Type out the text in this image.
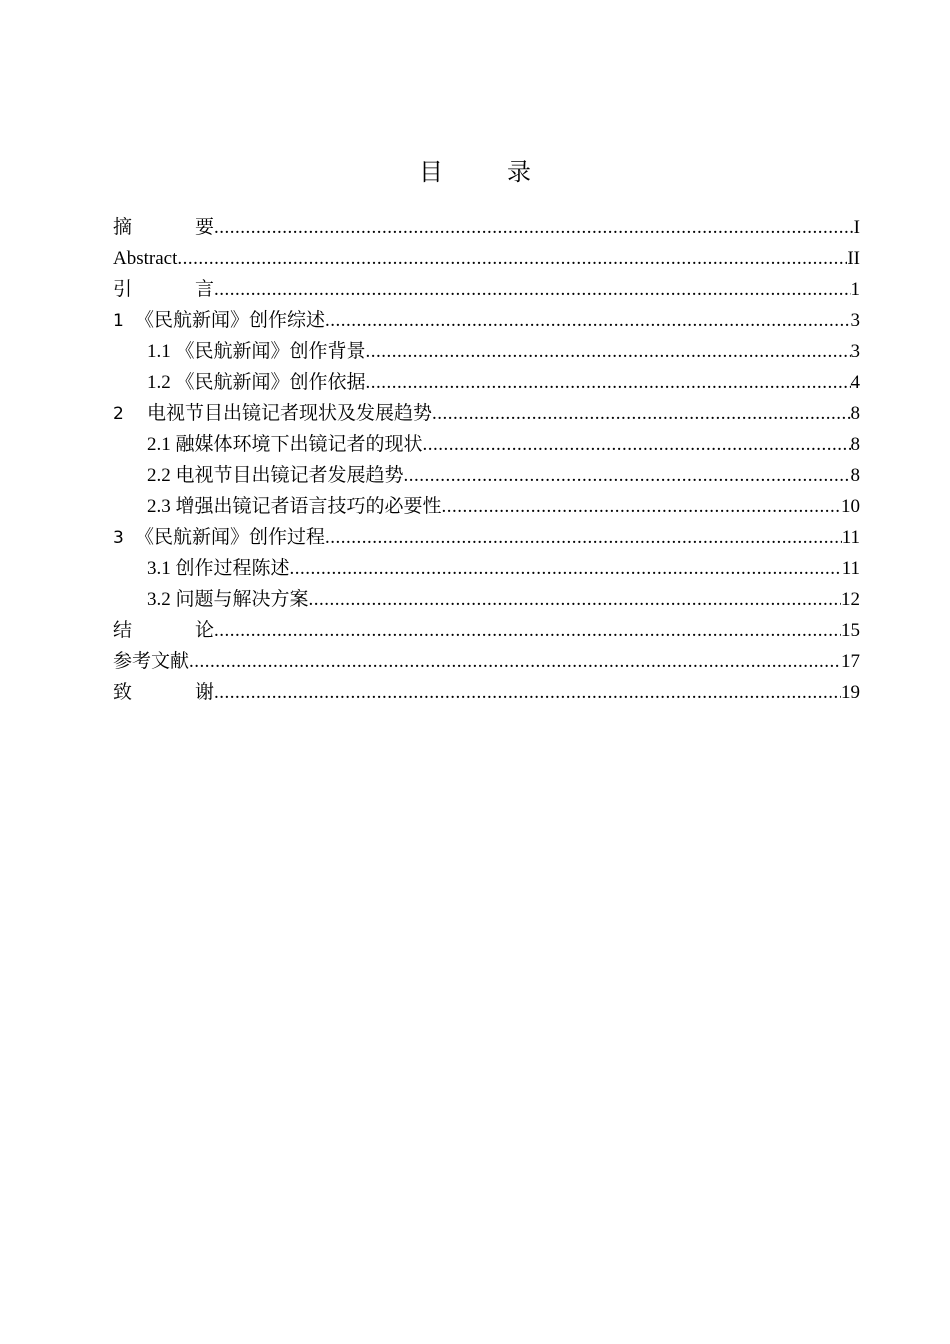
目　录
摘　要 .....	I
Abstract .....	II
引　言 .....	1
1 《民航新闻》创作综述 .....	3
1.1 《民航新闻》创作背景 .....	3
1.2 《民航新闻》创作依据 .....	4
2 电视节目出镜记者现状及发展趋势 .....	8
2.1 融媒体环境下出镜记者的现状 .....	8
2.2 电视节目出镜记者发展趋势 .....	8
2.3 增强出镜记者语言技巧的必要性 .....	10
3 《民航新闻》创作过程 .....	11
3.1 创作过程陈述 .....	11
3.2 问题与解决方案 .....	12
结　论 .....	15
参考文献 .....	17
致　谢 .....	19
